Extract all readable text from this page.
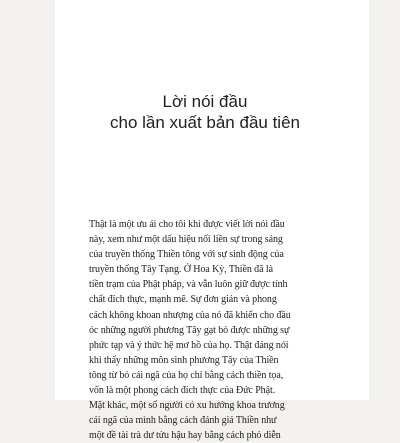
Lời nói đầu
cho lần xuất bản đầu tiên
Thật là một ưu ái cho tôi khi được viết lời nói đầu
này, xem như một dấu hiệu nối liền sự trong sáng
của truyền thống Thiền tông với sự sinh động của
truyền thống Tây Tạng. Ở Hoa Kỳ, Thiền đã là
tiền trạm của Phật pháp, và vẫn luôn giữ được tính
chất đích thực, mạnh mẽ. Sự đơn giản và phong
cách không khoan nhượng của nó đã khiến cho đầu
óc những người phương Tây gạt bỏ được những sự
phức tạp và ý thức hệ mơ hồ của họ. Thật đáng nói
khi thấy những môn sinh phương Tây của Thiền
tông từ bỏ cái ngã của họ chỉ bằng cách thiền tọa,
vốn là một phong cách đích thực của Đức Phật.
Mặt khác, một số người có xu hướng khoa trương
cái ngã của mình bằng cách đánh giá Thiền như
một đề tài trà dư tửu hậu hay bằng cách phỏ diễn
